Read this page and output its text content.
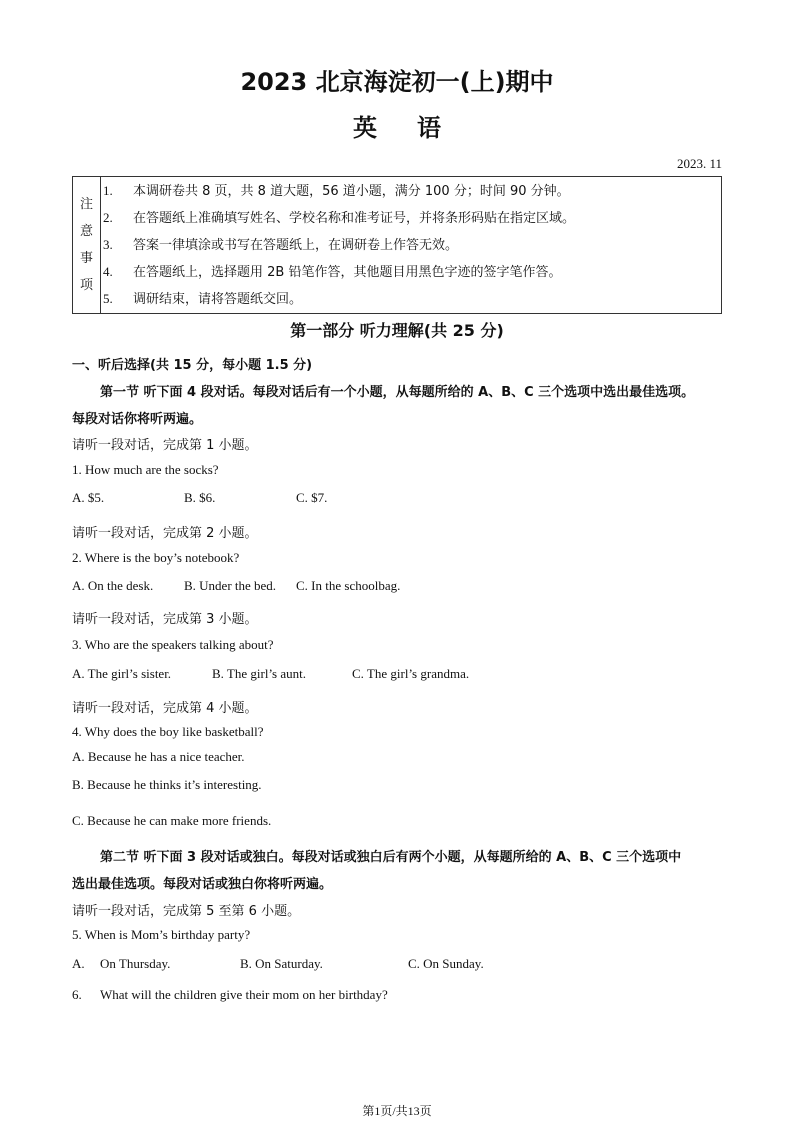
2023 北京海淀初一(上)期中
英语
2023. 11
注
意
事
项
1. 本调研卷共 8 页，共 8 道大题，56 道小题，满分 100 分；时间 90 分钟。
2. 在答题纸上准确填写姓名、学校名称和准考证号，并将条形码贴在指定区域。
3. 答案一律填涂或书写在答题纸上，在调研卷上作答无效。
4. 在答题纸上，选择题用 2B 铅笔作答，其他题目用黑色字迹的签字笔作答。
5. 调研结束，请将答题纸交回。
第一部分 听力理解(共 25 分)
一、听后选择(共 15 分，每小题 1.5 分)
第一节 听下面 4 段对话。每段对话后有一个小题，从每题所给的 A、B、C 三个选项中选出最佳选项。
每段对话你将听两遍。
请听一段对话，完成第 1 小题。
1. How much are the socks?
A. $5.	B. $6.	C. $7.
请听一段对话，完成第 2 小题。
2. Where is the boy’s notebook?
A. On the desk. B. Under the bed. C. In the schoolbag.
请听一段对话，完成第 3 小题。
3. Who are the speakers talking about?
A. The girl’s sister.	B. The girl’s aunt.	C. The girl’s grandma.
请听一段对话，完成第 4 小题。
4. Why does the boy like basketball?
A. Because he has a nice teacher.
B. Because he thinks it’s interesting.
C. Because he can make more friends.
第二节 听下面 3 段对话或独白。每段对话或独白后有两个小题，从每题所给的 A、B、C 三个选项中
选出最佳选项。每段对话或独白你将听两遍。
请听一段对话，完成第 5 至第 6 小题。
5. When is Mom’s birthday party?
A. On Thursday.	B. On Saturday.	C. On Sunday.
6. What will the children give their mom on her birthday?
第1页/共13页
